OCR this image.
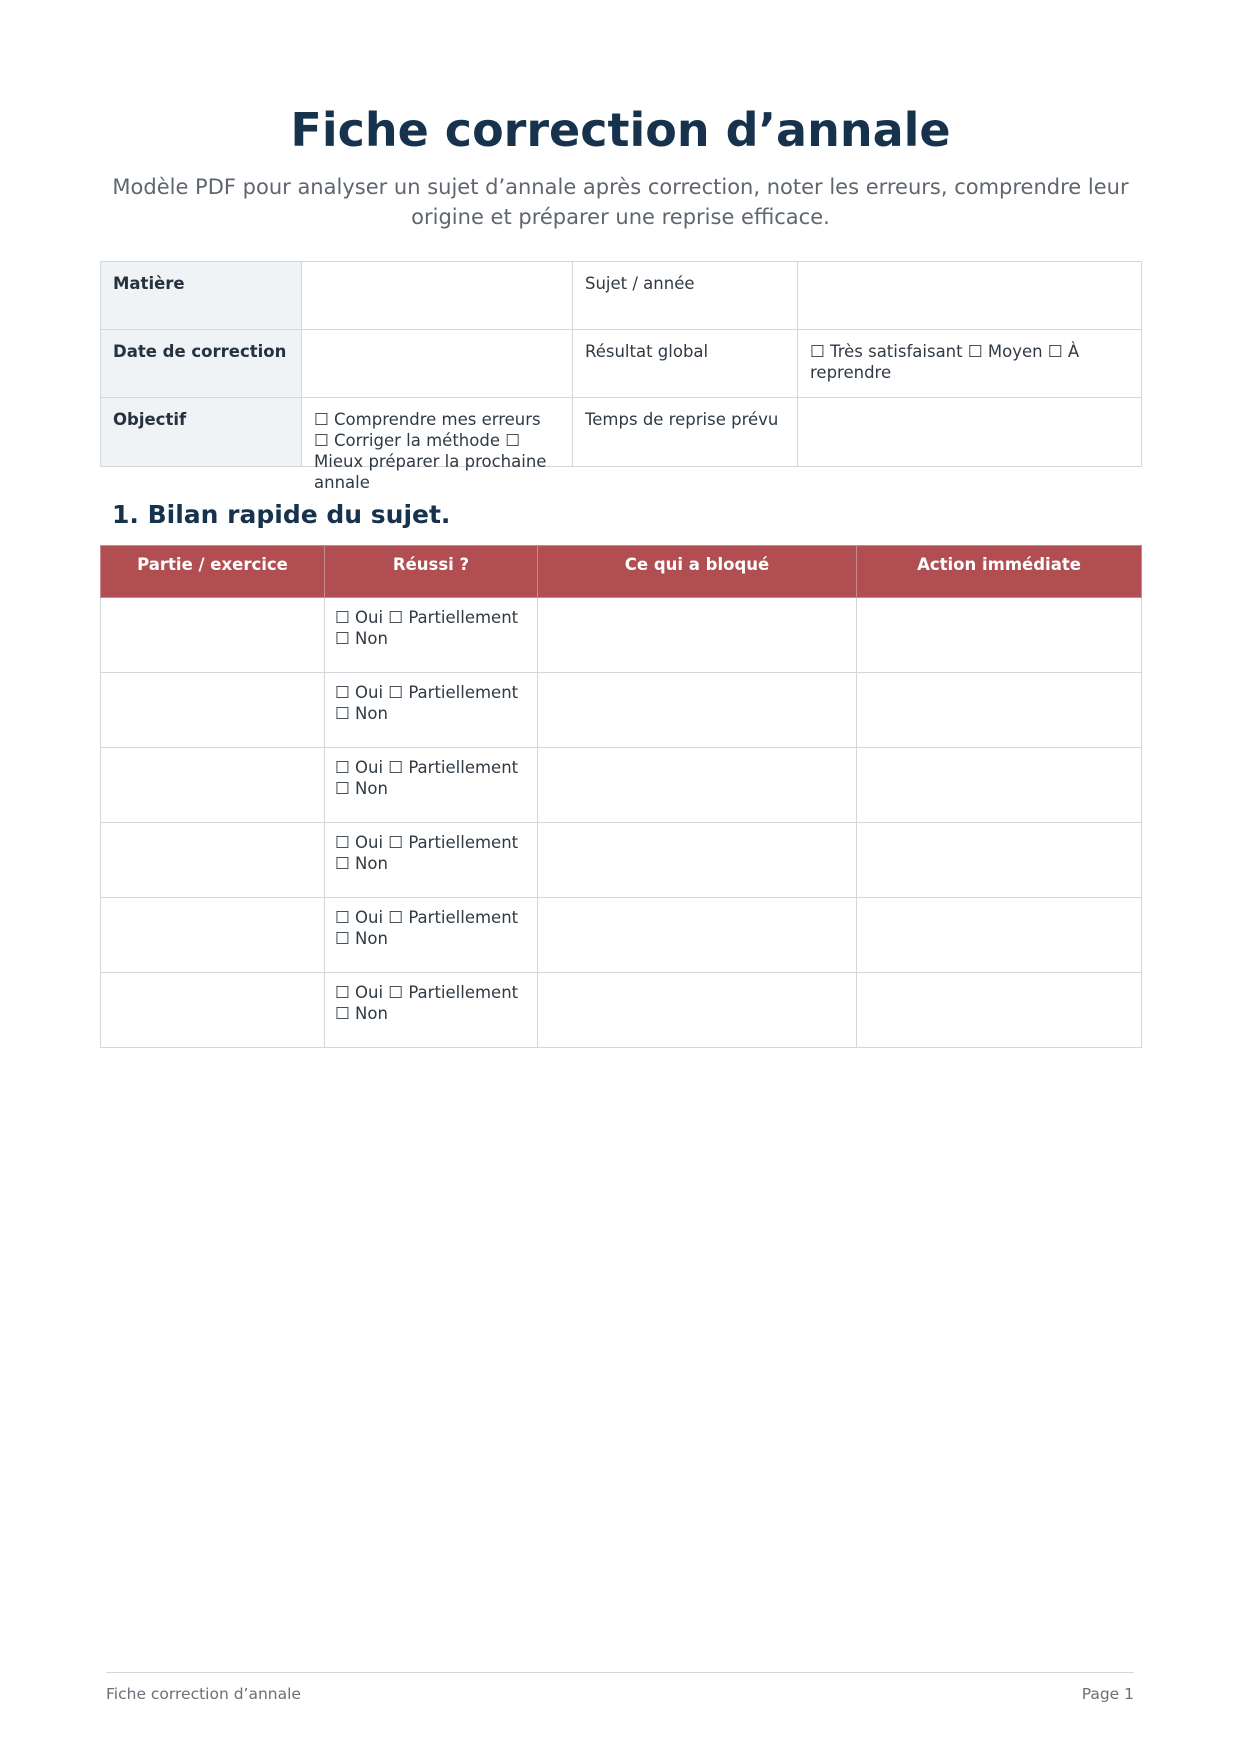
Fiche correction d’annale

Modèle PDF pour analyser un sujet d’annale après correction, noter les erreurs, comprendre leur origine et préparer une reprise efficace.

Matière		Sujet / année	
Date de correction		Résultat global	☐ Très satisfaisant ☐ Moyen ☐ À reprendre
Objectif	☐ Comprendre mes erreurs ☐ Corriger la méthode ☐ Mieux préparer la prochaine annale	Temps de reprise prévu	
1. Bilan rapide du sujet.
Partie / exercice	Réussi ?	Ce qui a bloqué	Action immédiate
	☐ Oui ☐ Partiellement ☐ Non		
	☐ Oui ☐ Partiellement ☐ Non		
	☐ Oui ☐ Partiellement ☐ Non		
	☐ Oui ☐ Partiellement ☐ Non		
	☐ Oui ☐ Partiellement ☐ Non		
	☐ Oui ☐ Partiellement ☐ Non		
Fiche correction d’annale	Page 1
